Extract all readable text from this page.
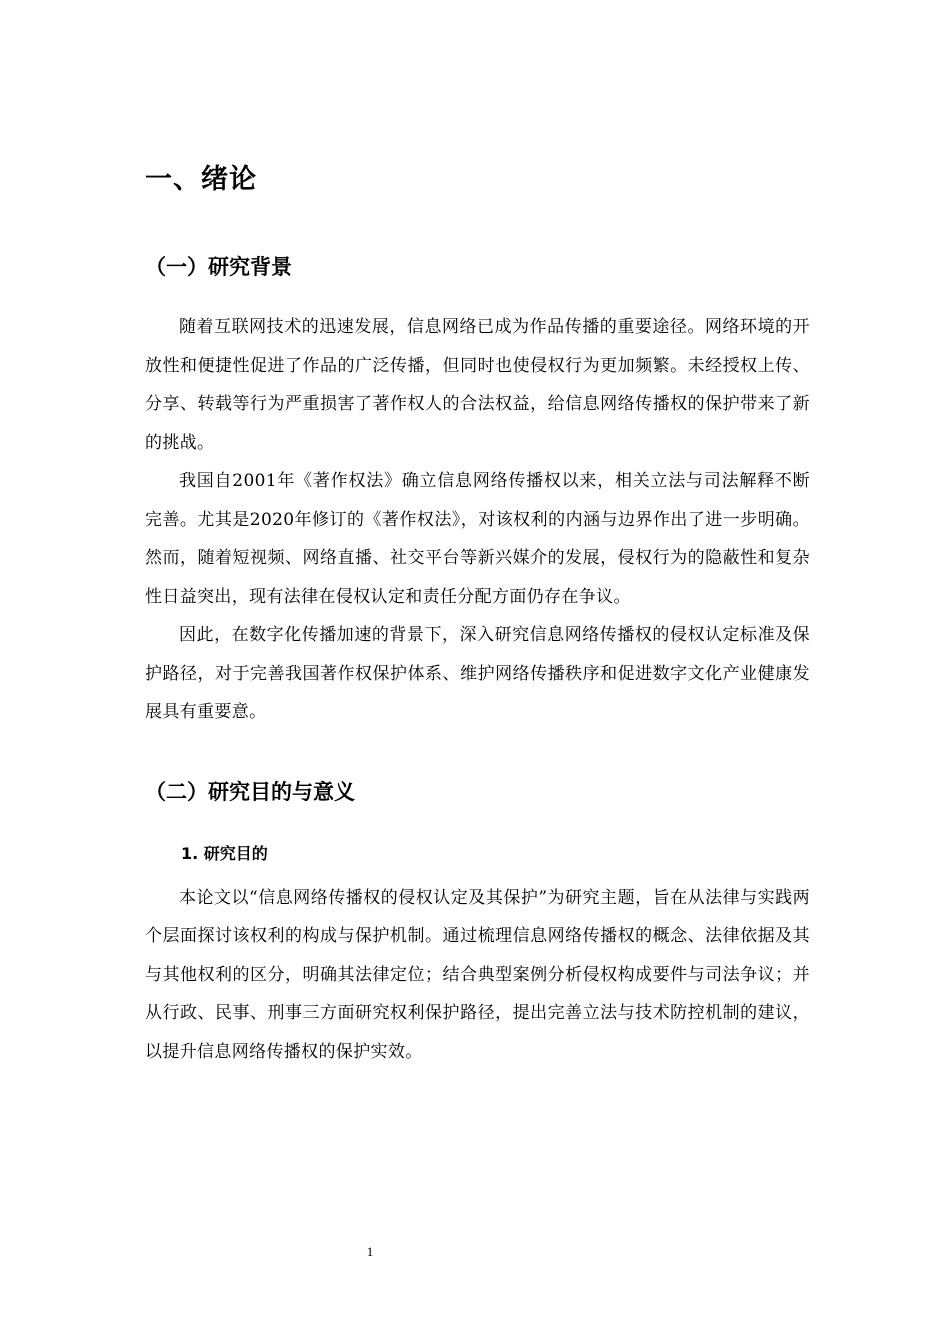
一、绪论
（一）研究背景

随着互联网技术的迅速发展，信息网络已成为作品传播的重要途径。网络环境的开放性和便捷性促进了作品的广泛传播，但同时也使侵权行为更加频繁。未经授权上传、分享、转载等行为严重损害了著作权人的合法权益，给信息网络传播权的保护带来了新的挑战。

我国自2001年《著作权法》确立信息网络传播权以来，相关立法与司法解释不断完善。尤其是2020年修订的《著作权法》，对该权利的内涵与边界作出了进一步明确。然而，随着短视频、网络直播、社交平台等新兴媒介的发展，侵权行为的隐蔽性和复杂性日益突出，现有法律在侵权认定和责任分配方面仍存在争议。

因此，在数字化传播加速的背景下，深入研究信息网络传播权的侵权认定标准及保护路径，对于完善我国著作权保护体系、维护网络传播秩序和促进数字文化产业健康发展具有重要意。

（二）研究目的与意义
1. 研究目的

本论文以“信息网络传播权的侵权认定及其保护”为研究主题，旨在从法律与实践两个层面探讨该权利的构成与保护机制。通过梳理信息网络传播权的概念、法律依据及其与其他权利的区分，明确其法律定位；结合典型案例分析侵权构成要件与司法争议；并从行政、民事、刑事三方面研究权利保护路径，提出完善立法与技术防控机制的建议，以提升信息网络传播权的保护实效。

1
